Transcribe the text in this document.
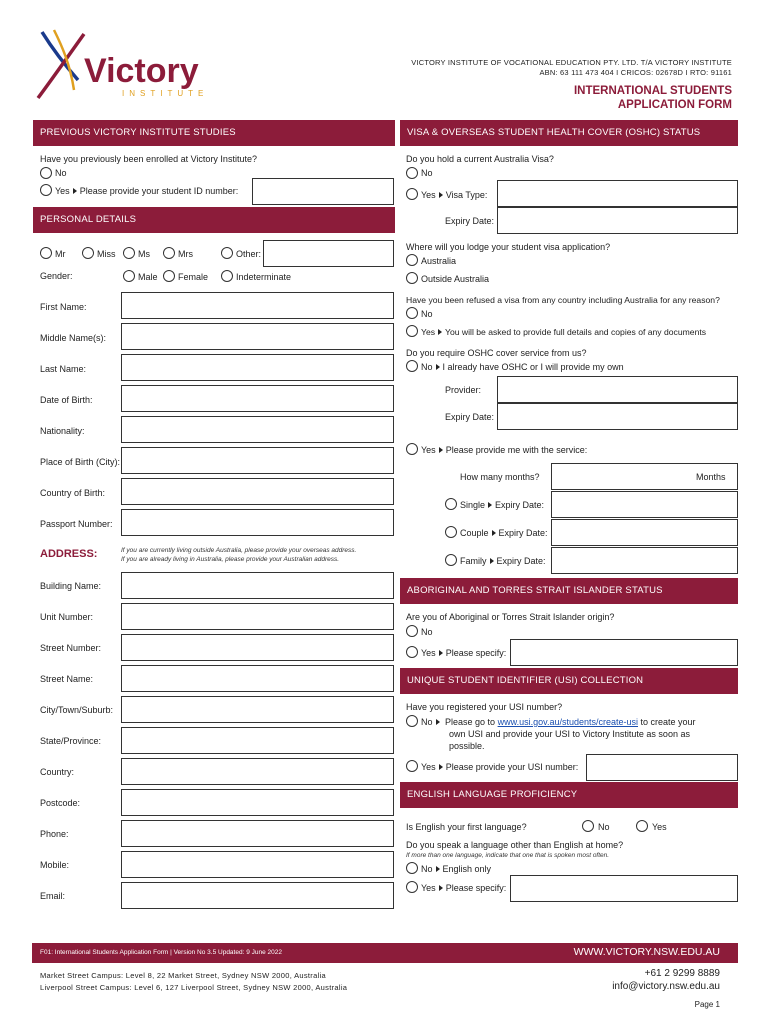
Victory
INSTITUTE
VICTORY INSTITUTE OF VOCATIONAL EDUCATION PTY. LTD. T/A VICTORY INSTITUTE
ABN: 63 111 473 404 I CRICOS: 02678D I RTO: 91161
INTERNATIONAL STUDENTS
APPLICATION FORM
PREVIOUS VICTORY INSTITUTE STUDIES
Have you previously been enrolled at Victory Institute?
No
Yes Please provide your student ID number:
PERSONAL DETAILS
Mr	Miss	Ms	Mrs	Other:
Gender:	Male Female	Indeterminate
First Name:
Middle Name(s):
Last Name:
Date of Birth:
Nationality:
Place of Birth (City):
Country of Birth:
Passport Number:
ADDRESS:	If you are currently living outside Australia, please provide your overseas address.
If you are already living in Australia, please provide your Australian address.
Building Name:
Unit Number:
Street Number:
Street Name:
City/Town/Suburb:
State/Province:
Country:
Postcode:
Phone:
Mobile:
Email:
VISA & OVERSEAS STUDENT HEALTH COVER (OSHC) STATUS
Do you hold a current Australia Visa?
No
Yes Visa Type:
Expiry Date:
Where will you lodge your student visa application?
Australia
Outside Australia
Have you been refused a visa from any country including Australia for any reason?
No
Yes You will be asked to provide full details and copies of any documents
Do you require OSHC cover service from us?
No I already have OSHC or I will provide my own
Provider:
Expiry Date:
Yes Please provide me with the service:
How many months?	Months
Single Expiry Date:
Couple Expiry Date:
Family Expiry Date:
ABORIGINAL AND TORRES STRAIT ISLANDER STATUS
Are you of Aboriginal or Torres Strait Islander origin?
No
Yes Please specify:
UNIQUE STUDENT IDENTIFIER (USI) COLLECTION
Have you registered your USI number?
No Please go to www.usi.gov.au/students/create-usi to create your
own USI and provide your USI to Victory Institute as soon as
possible.
Yes Please provide your USI number:
ENGLISH LANGUAGE PROFICIENCY
Is English your first language?	No	Yes
Do you speak a language other than English at home?
If more than one language, indicate that one that is spoken most often.
No English only
Yes Please specify:
F01: International Students Application Form | Version No 3.5 Updated: 9 June 2022	WWW.VICTORY.NSW.EDU.AU
Market Street Campus: Level 8, 22 Market Street, Sydney NSW 2000, Australia
Liverpool Street Campus: Level 6, 127 Liverpool Street, Sydney NSW 2000, Australia
+61 2 9299 8889
info@victory.nsw.edu.au
Page 1
